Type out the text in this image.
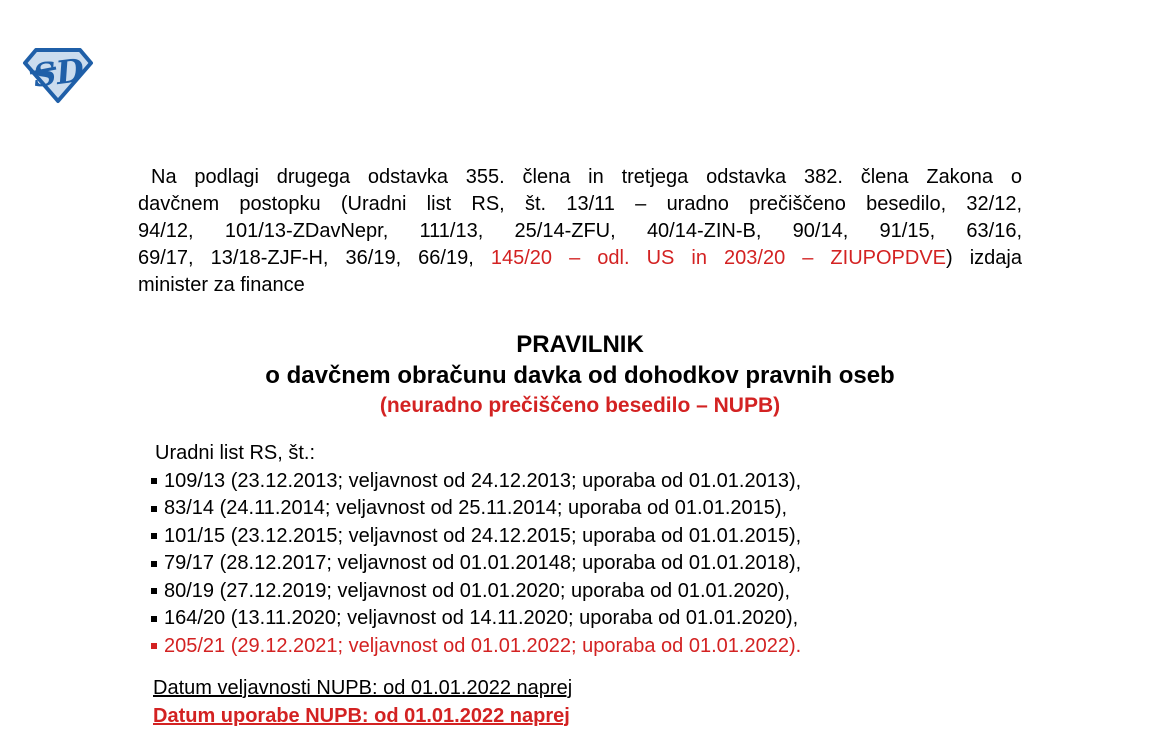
SD
Na podlagi drugega odstavka 355. člena in tretjega odstavka 382. člena Zakona o
davčnem postopku (Uradni list RS, št. 13/11 – uradno prečiščeno besedilo, 32/12,
94/12, 101/13-ZDavNepr, 111/13, 25/14-ZFU, 40/14-ZIN-B, 90/14, 91/15, 63/16,
69/17, 13/18-ZJF-H, 36/19, 66/19, 145/20 – odl. US in 203/20 – ZIUPOPDVE) izdaja
minister za finance
PRAVILNIK
o davčnem obračunu davka od dohodkov pravnih oseb
(neuradno prečiščeno besedilo – NUPB)
Uradni list RS, št.:
109/13 (23.12.2013; veljavnost od 24.12.2013; uporaba od 01.01.2013),
83/14 (24.11.2014; veljavnost od 25.11.2014; uporaba od 01.01.2015),
101/15 (23.12.2015; veljavnost od 24.12.2015; uporaba od 01.01.2015),
79/17 (28.12.2017; veljavnost od 01.01.20148; uporaba od 01.01.2018),
80/19 (27.12.2019; veljavnost od 01.01.2020; uporaba od 01.01.2020),
164/20 (13.11.2020; veljavnost od 14.11.2020; uporaba od 01.01.2020),
205/21 (29.12.2021; veljavnost od 01.01.2022; uporaba od 01.01.2022).
Datum veljavnosti NUPB: od 01.01.2022 naprej
Datum uporabe NUPB: od 01.01.2022 naprej
